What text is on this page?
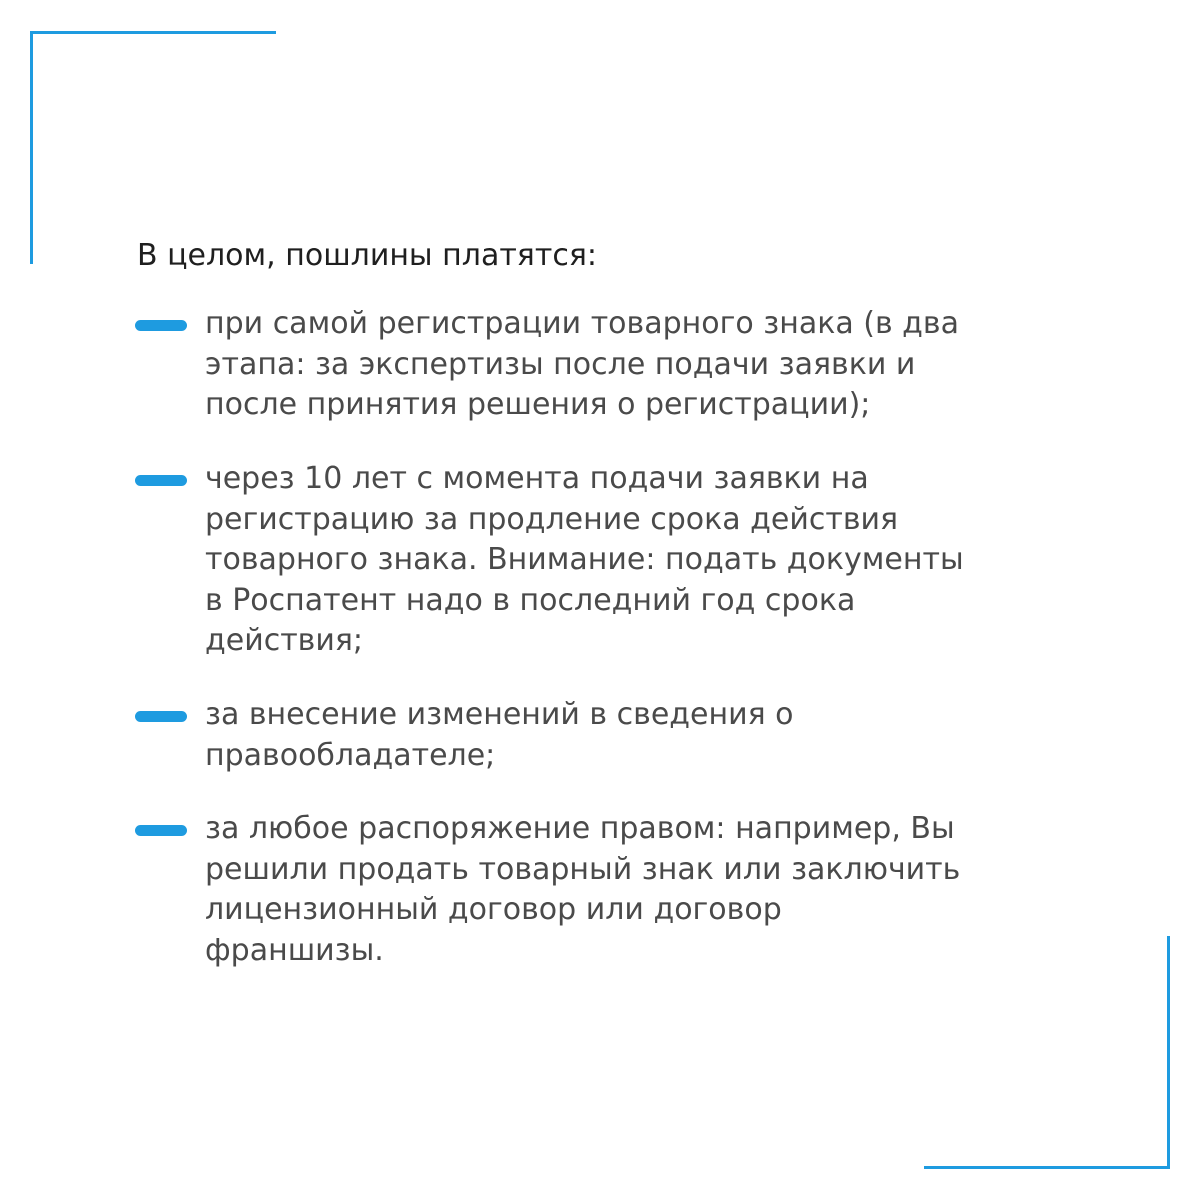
В целом, пошлины платятся:

при самой регистрации товарного знака (в два
этапа: за экспертизы после подачи заявки и
после принятия решения о регистрации);

через 10 лет с момента подачи заявки на
регистрацию за продление срока действия
товарного знака. Внимание: подать документы
в Роспатент надо в последний год срока
действия;

за внесение изменений в сведения о
правообладателе;

за любое распоряжение правом: например, Вы
решили продать товарный знак или заключить
лицензионный договор или договор
франшизы.
